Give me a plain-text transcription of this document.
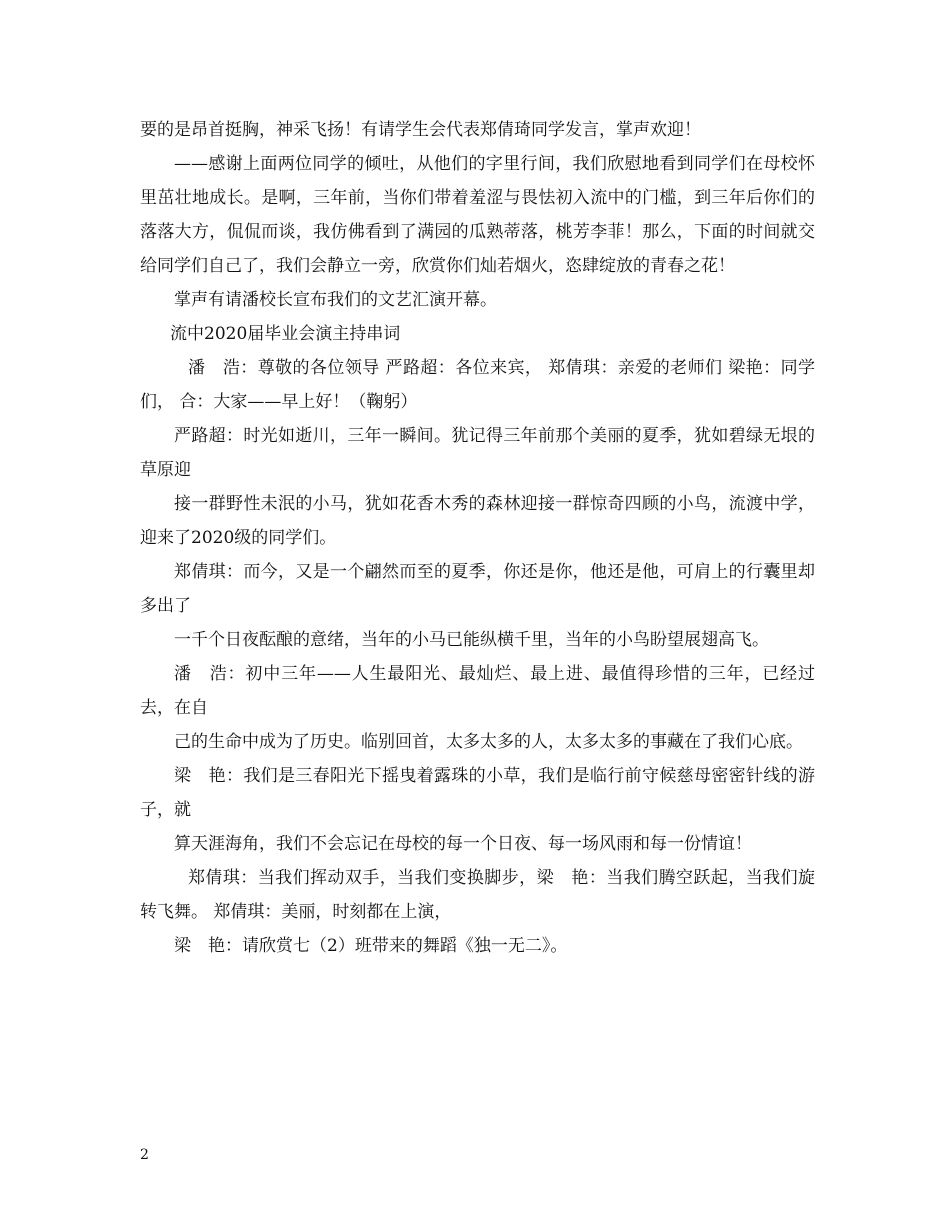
要的是昂首挺胸，神采飞扬！有请学生会代表郑倩琦同学发言，掌声欢迎！

——感谢上面两位同学的倾吐，从他们的字里行间，我们欣慰地看到同学们在母校怀里茁壮地成长。是啊，三年前，当你们带着羞涩与畏怯初入流中的门槛，到三年后你们的落落大方，侃侃而谈，我仿佛看到了满园的瓜熟蒂落，桃芳李菲！那么，下面的时间就交给同学们自己了，我们会静立一旁，欣赏你们灿若烟火，恣肆绽放的青春之花！

掌声有请潘校长宣布我们的文艺汇演开幕。

流中2020届毕业会演主持串词

潘　浩：尊敬的各位领导 严路超：各位来宾， 郑倩琪：亲爱的老师们 梁艳：同学们， 合：大家——早上好！（鞠躬）

严路超：时光如逝川，三年一瞬间。犹记得三年前那个美丽的夏季，犹如碧绿无垠的草原迎

接一群野性未泯的小马，犹如花香木秀的森林迎接一群惊奇四顾的小鸟，流渡中学，迎来了2020级的同学们。

郑倩琪：而今，又是一个翩然而至的夏季，你还是你，他还是他，可肩上的行囊里却多出了

一千个日夜酝酿的意绪，当年的小马已能纵横千里，当年的小鸟盼望展翅高飞。

潘　浩：初中三年——人生最阳光、最灿烂、最上进、最值得珍惜的三年，已经过去，在自

己的生命中成为了历史。临别回首，太多太多的人，太多太多的事藏在了我们心底。

梁　艳：我们是三春阳光下摇曳着露珠的小草，我们是临行前守候慈母密密针线的游子，就

算天涯海角，我们不会忘记在母校的每一个日夜、每一场风雨和每一份情谊！

郑倩琪：当我们挥动双手，当我们变换脚步，梁　艳：当我们腾空跃起，当我们旋转飞舞。 郑倩琪：美丽，时刻都在上演，

梁　艳：请欣赏七（2）班带来的舞蹈《独一无二》。

2
